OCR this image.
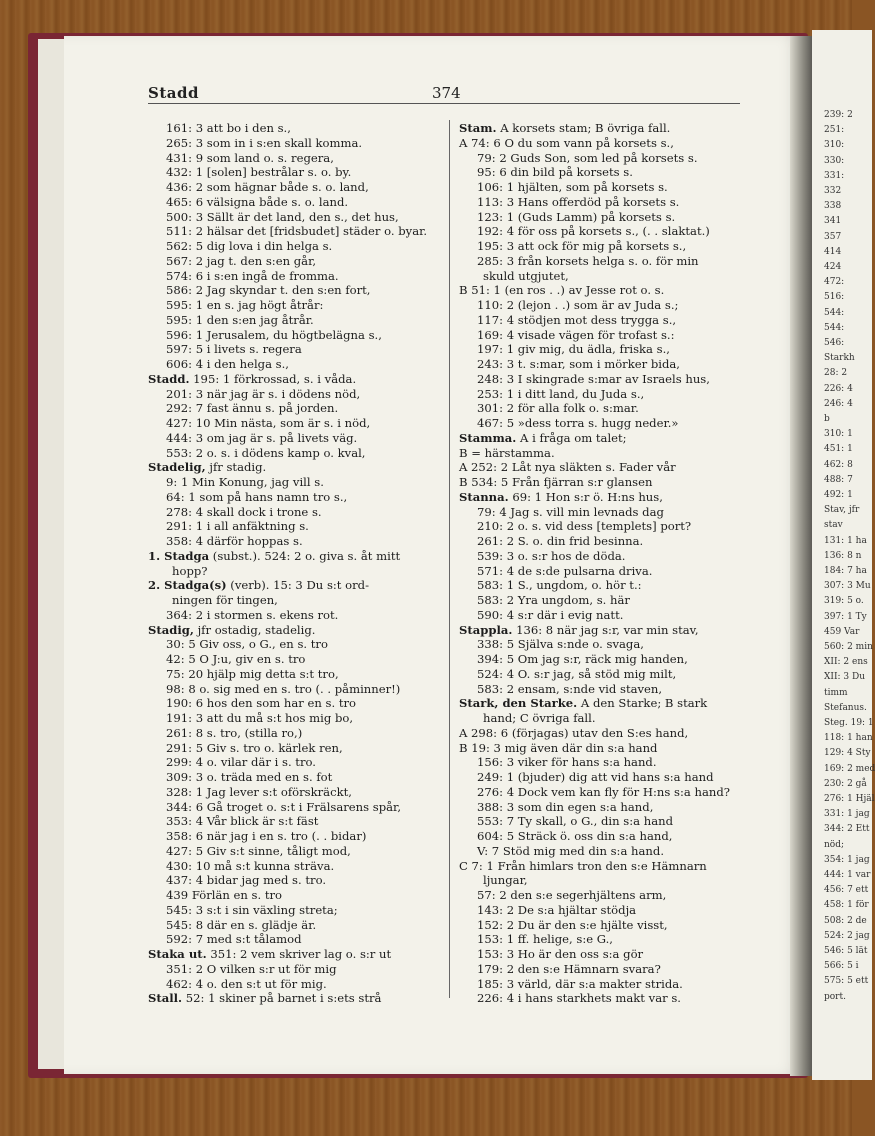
239: 2
251:
310:
330:
331:
332
338
341
357
414
424
472:
516:
544:
544:
546:
Starkh
28: 2
226: 4
246: 4
b
310: 1
451: 1
462: 8
488: 7
492: 1
Stav, jfr
stav
131: 1 ha
136: 8 n
184: 7 ha
307: 3 Mu
319: 5 o.
397: 1 Ty
459 Var
560: 2 min
XII: 2 ens
XII: 3 Du
timm
Stefanus.
Steg. 19: 1
118: 1 han
129: 4 Sty
169: 2 med
230: 2 gå
276: 1 Hjäl
331: 1 jag
344: 2 Ett
nöd;
354: 1 jag
444: 1 var
456: 7 ett
458: 1 för
508: 2 de
524: 2 jag
546: 5 lät
566: 5 i
575: 5 ett
port.
Stadd	374
161: 3 att bo i den s.,
265: 3 som in i s:en skall komma.
431: 9 som land o. s. regera,
432: 1 [solen] bestrålar s. o. by.
436: 2 som hägnar både s. o. land,
465: 6 välsigna både s. o. land.
500: 3 Sällt är det land, den s., det hus,
511: 2 hälsar det [fridsbudet] städer o. byar.
562: 5 dig lova i din helga s.
567: 2 jag t. den s:en går,
574: 6 i s:en ingå de fromma.
586: 2 Jag skyndar t. den s:en fort,
595: 1 en s. jag högt åtrår:
595: 1 den s:en jag åtrår.
596: 1 Jerusalem, du högtbelägna s.,
597: 5 i livets s. regera
606: 4 i den helga s.,
Stadd. 195: 1 förkrossad, s. i våda.
201: 3 när jag är s. i dödens nöd,
292: 7 fast ännu s. på jorden.
427: 10 Min nästa, som är s. i nöd,
444: 3 om jag är s. på livets väg.
553: 2 o. s. i dödens kamp o. kval,
Stadelig, jfr stadig.
9: 1 Min Konung, jag vill s.
64: 1 som på hans namn tro s.,
278: 4 skall dock i trone s.
291: 1 i all anfäktning s.
358: 4 därför hoppas s.
1. Stadga (subst.). 524: 2 o. giva s. åt mitt
hopp?
2. Stadga(s) (verb). 15: 3 Du s:t ord-
ningen för tingen,
364: 2 i stormen s. ekens rot.
Stadig, jfr ostadig, stadelig.
30: 5 Giv oss, o G., en s. tro
42: 5 O J:u, giv en s. tro
75: 20 hjälp mig detta s:t tro,
98: 8 o. sig med en s. tro (. . påminner!)
190: 6 hos den som har en s. tro
191: 3 att du må s:t hos mig bo,
261: 8 s. tro, (stilla ro,)
291: 5 Giv s. tro o. kärlek ren,
299: 4 o. vilar där i s. tro.
309: 3 o. träda med en s. fot
328: 1 Jag lever s:t oförskräckt,
344: 6 Gå troget o. s:t i Frälsarens spår,
353: 4 Vår blick är s:t fäst
358: 6 när jag i en s. tro (. . bidar)
427: 5 Giv s:t sinne, tåligt mod,
430: 10 må s:t kunna sträva.
437: 4 bidar jag med s. tro.
439 Förlän en s. tro
545: 3 s:t i sin växling streta;
545: 8 där en s. glädje är.
592: 7 med s:t tålamod
Staka ut. 351: 2 vem skriver lag o. s:r ut
351: 2 O vilken s:r ut för mig
462: 4 o. den s:t ut för mig.
Stall. 52: 1 skiner på barnet i s:ets strå
Stam. A korsets stam; B övriga fall.
A 74: 6 O du som vann på korsets s.,
79: 2 Guds Son, som led på korsets s.
95: 6 din bild på korsets s.
106: 1 hjälten, som på korsets s.
113: 3 Hans offerdöd på korsets s.
123: 1 (Guds Lamm) på korsets s.
192: 4 för oss på korsets s., (. . slaktat.)
195: 3 att ock för mig på korsets s.,
285: 3 från korsets helga s. o. för min
skuld utgjutet,
B 51: 1 (en ros . .) av Jesse rot o. s.
110: 2 (lejon . .) som är av Juda s.;
117: 4 stödjen mot dess trygga s.,
169: 4 visade vägen för trofast s.:
197: 1 giv mig, du ädla, friska s.,
243: 3 t. s:mar, som i mörker bida,
248: 3 I skingrade s:mar av Israels hus,
253: 1 i ditt land, du Juda s.,
301: 2 för alla folk o. s:mar.
467: 5 »dess torra s. hugg neder.»
Stamma. A i fråga om talet;
B = härstamma.
A 252: 2 Låt nya släkten s. Fader vår
B 534: 5 Från fjärran s:r glansen
Stanna. 69: 1 Hon s:r ö. H:ns hus,
79: 4 Jag s. vill min levnads dag
210: 2 o. s. vid dess [templets] port?
261: 2 S. o. din frid besinna.
539: 3 o. s:r hos de döda.
571: 4 de s:de pulsarna driva.
583: 1 S., ungdom, o. hör t.:
583: 2 Yra ungdom, s. här
590: 4 s:r där i evig natt.
Stappla. 136: 8 när jag s:r, var min stav,
338: 5 Själva s:nde o. svaga,
394: 5 Om jag s:r, räck mig handen,
524: 4 O. s:r jag, så stöd mig milt,
583: 2 ensam, s:nde vid staven,
Stark, den Starke. A den Starke; B stark
hand; C övriga fall.
A 298: 6 (förjagas) utav den S:es hand,
B 19: 3 mig även där din s:a hand
156: 3 viker för hans s:a hand.
249: 1 (bjuder) dig att vid hans s:a hand
276: 4 Dock vem kan fly för H:ns s:a hand?
388: 3 som din egen s:a hand,
553: 7 Ty skall, o G., din s:a hand
604: 5 Sträck ö. oss din s:a hand,
V: 7 Stöd mig med din s:a hand.
C 7: 1 Från himlars tron den s:e Hämnarn
ljungar,
57: 2 den s:e segerhjältens arm,
143: 2 De s:a hjältar stödja
152: 2 Du är den s:e hjälte visst,
153: 1 ff. helige, s:e G.,
153: 3 Ho är den oss s:a gör
179: 2 den s:e Hämnarn svara?
185: 3 värld, där s:a makter strida.
226: 4 i hans starkhets makt var s.
